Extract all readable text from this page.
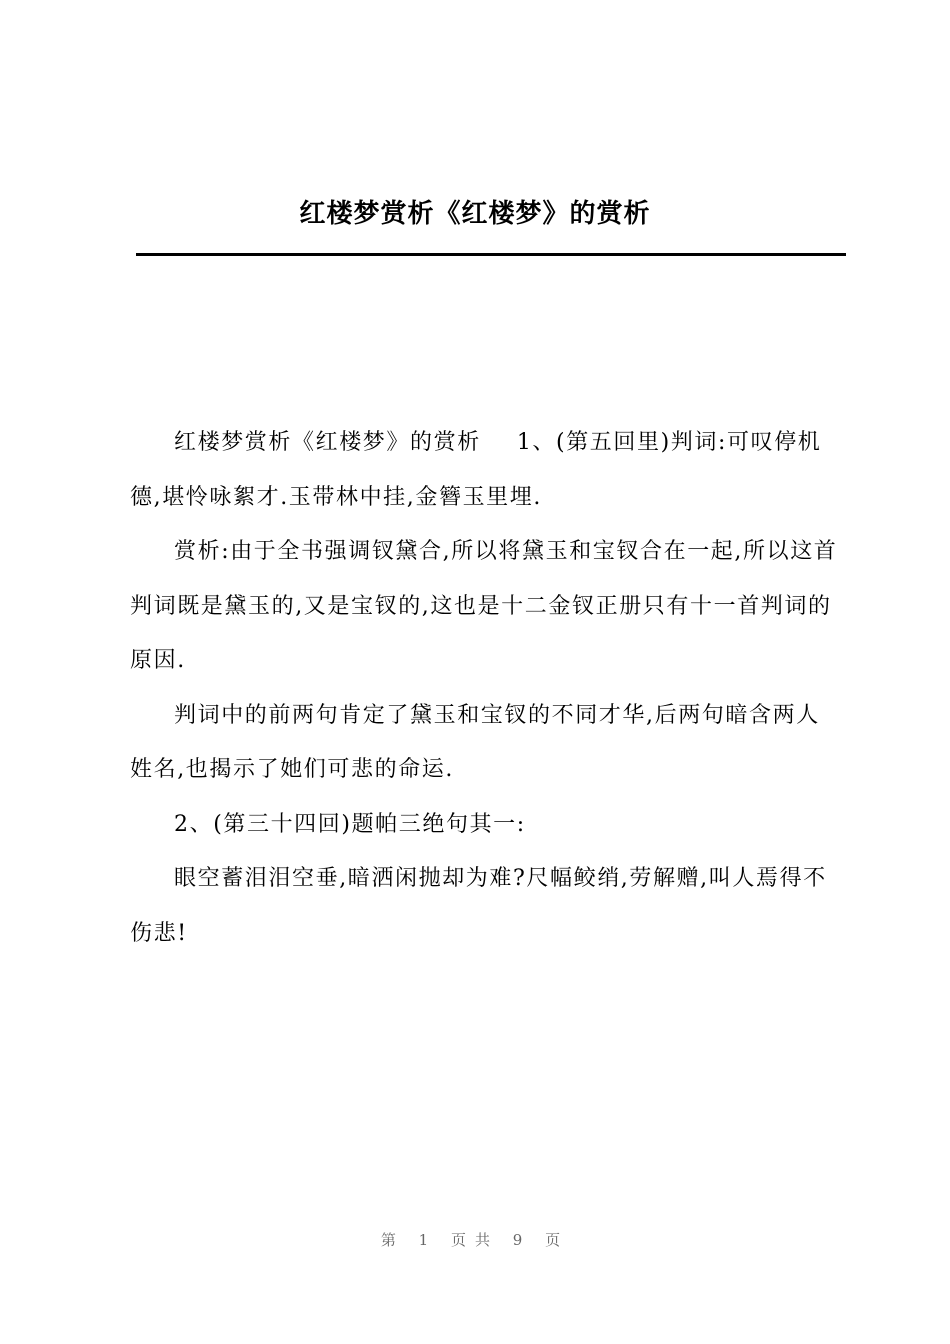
红楼梦赏析《红楼梦》的赏析

红楼梦赏析《红楼梦》的赏析 1、(第五回里)判词:可叹停机德,堪怜咏絮才.玉带林中挂,金簪玉里埋.

赏析:由于全书强调钗黛合,所以将黛玉和宝钗合在一起,所以这首判词既是黛玉的,又是宝钗的,这也是十二金钗正册只有十一首判词的原因.

判词中的前两句肯定了黛玉和宝钗的不同才华,后两句暗含两人姓名,也揭示了她们可悲的命运.

2、(第三十四回)题帕三绝句其一:

眼空蓄泪泪空垂,暗洒闲抛却为难?尺幅鲛绡,劳解赠,叫人焉得不伤悲!

第 1 页共 9 页
